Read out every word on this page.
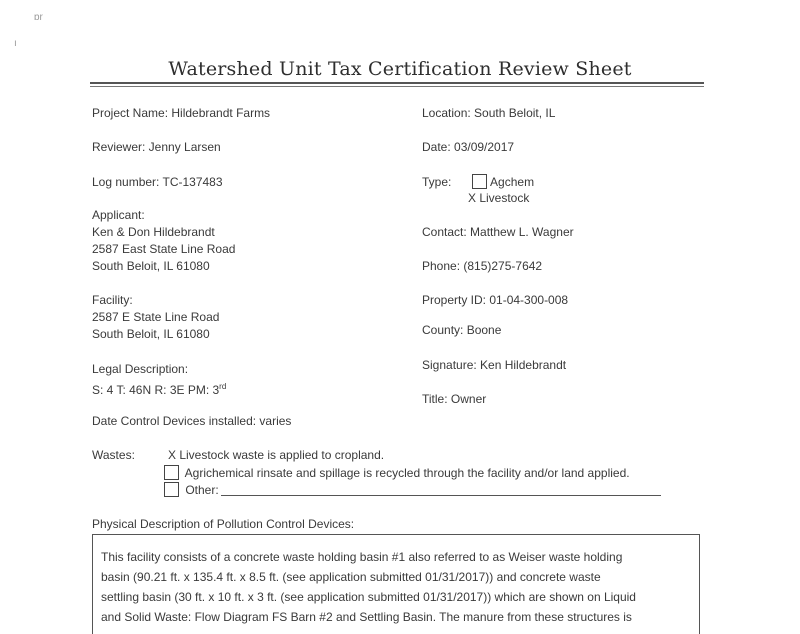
ɒr
ı
Watershed Unit Tax Certification Review Sheet
Project Name: Hildebrandt Farms
Reviewer: Jenny Larsen
Log number: TC-137483
Applicant:
Ken & Don Hildebrandt
2587 East State Line Road
South Beloit, IL 61080
Facility:
2587 E State Line Road
South Beloit, IL 61080
Legal Description:
S: 4 T: 46N R: 3E PM: 3rd
Date Control Devices installed: varies
Location: South Beloit, IL
Date: 03/09/2017
Type:	Agchem
X Livestock
Contact: Matthew L. Wagner
Phone: (815)275-7642
Property ID: 01-04-300-008
County: Boone
Signature: Ken Hildebrandt
Title: Owner
Wastes:	X Livestock waste is applied to cropland.
Agrichemical rinsate and spillage is recycled through the facility and/or land applied.
Other:
Physical Description of Pollution Control Devices:
This facility consists of a concrete waste holding basin #1 also referred to as Weiser waste holding
basin (90.21 ft. x 135.4 ft. x 8.5 ft. (see application submitted 01/31/2017)) and concrete waste
settling basin (30 ft. x 10 ft. x 3 ft. (see application submitted 01/31/2017)) which are shown on Liquid
and Solid Waste: Flow Diagram FS Barn #2 and Settling Basin. The manure from these structures is
